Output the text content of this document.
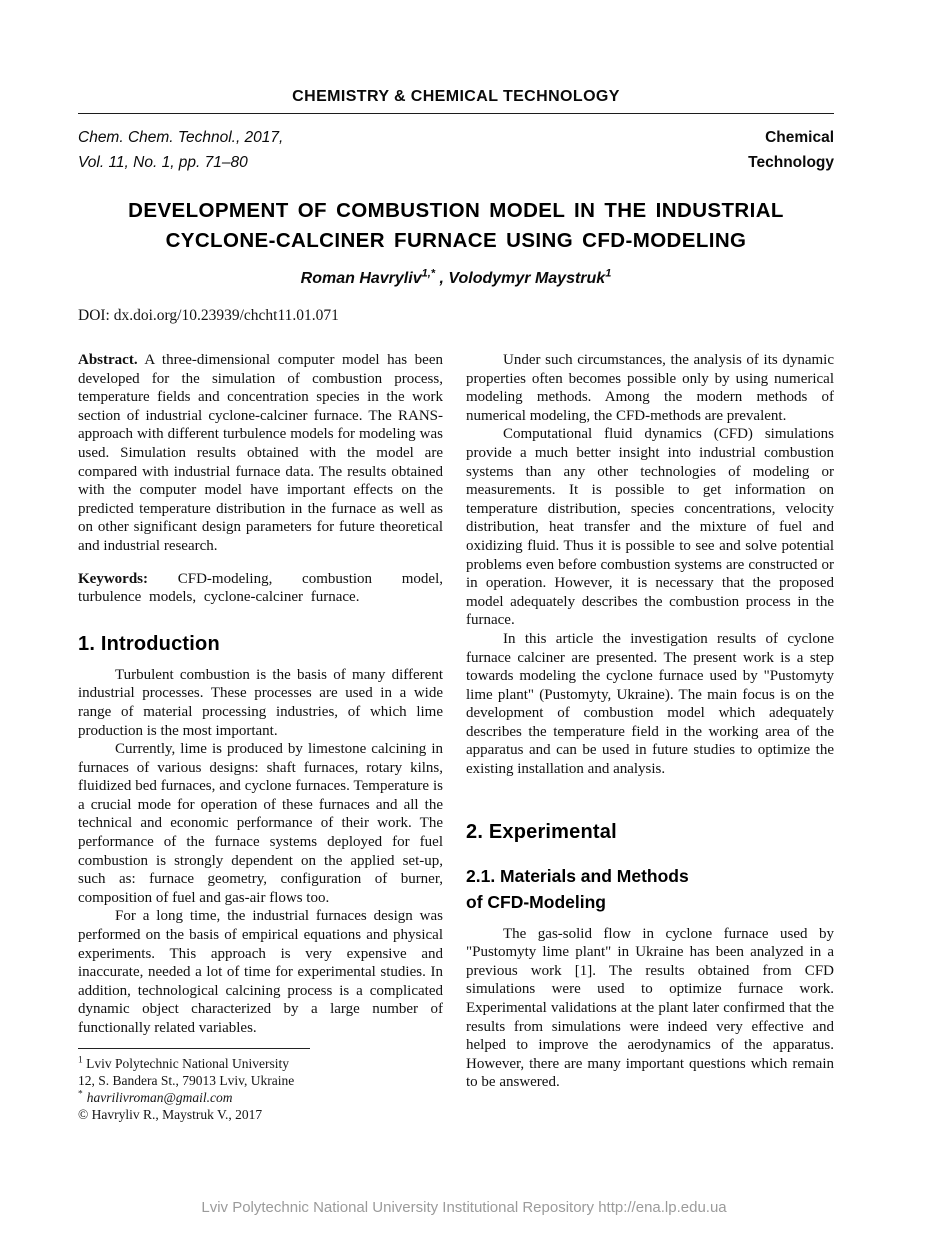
CHEMISTRY & CHEMICAL TECHNOLOGY
Chem. Chem. Technol., 2017,
Vol. 11, No. 1, pp. 71–80
Chemical
Technology
DEVELOPMENT OF COMBUSTION MODEL IN THE INDUSTRIAL
CYCLONE-CALCINER FURNACE USING CFD-MODELING
Roman Havryliv$^{1,*}$ , Volodymyr Maystruk$^1$
DOI: dx.doi.org/10.23939/chcht11.01.071

Abstract. A three-dimensional computer model has been developed for the simulation of combustion process, temperature fields and concentration species in the work section of industrial cyclone-calciner furnace. The RANS-approach with different turbulence models for modeling was used. Simulation results obtained with the model are compared with industrial furnace data. The results obtained with the computer model have important effects on the predicted temperature distribution in the furnace as well as on other significant design parameters for future theoretical and industrial research.

Keywords: CFD-modeling, combustion model, turbulence models, cyclone-calciner furnace.

1. Introduction

Turbulent combustion is the basis of many different industrial processes. These processes are used in a wide range of material processing industries, of which lime production is the most important.

Currently, lime is produced by limestone calcining in furnaces of various designs: shaft furnaces, rotary kilns, fluidized bed furnaces, and cyclone furnaces. Temperature is a crucial mode for operation of these furnaces and all the technical and economic performance of their work. The performance of the furnace systems deployed for fuel combustion is strongly dependent on the applied set-up, such as: furnace geometry, configuration of burner, composition of fuel and gas-air flows too.

For a long time, the industrial furnaces design was performed on the basis of empirical equations and physical experiments. This approach is very expensive and inaccurate, needed a lot of time for experimental studies. In addition, technological calcining process is a complicated dynamic object characterized by a large number of functionally related variables.

$^1$ Lviv Polytechnic National University
12, S. Bandera St., 79013 Lviv, Ukraine
* havrilivroman@gmail.com
© Havryliv R., Maystruk V., 2017

Under such circumstances, the analysis of its dynamic properties often becomes possible only by using numerical modeling methods. Among the modern methods of numerical modeling, the CFD-methods are prevalent.

Computational fluid dynamics (CFD) simulations provide a much better insight into industrial combustion systems than any other technologies of modeling or measurements. It is possible to get information on temperature distribution, species concentrations, velocity distribution, heat transfer and the mixture of fuel and oxidizing fluid. Thus it is possible to see and solve potential problems even before combustion systems are constructed or in operation. However, it is necessary that the proposed model adequately describes the combustion process in the furnace.

In this article the investigation results of cyclone furnace calciner are presented. The present work is a step towards modeling the cyclone furnace used by "Pustomyty lime plant" (Pustomyty, Ukraine). The main focus is on the development of combustion model which adequately describes the temperature field in the working area of the apparatus and can be used in future studies to optimize the existing installation and analysis.

2. Experimental
2.1. Materials and Methods
of CFD-Modeling

The gas-solid flow in cyclone furnace used by "Pustomyty lime plant" in Ukraine has been analyzed in a previous work [1]. The results obtained from CFD simulations were used to optimize furnace work. Experimental validations at the plant later confirmed that the results from simulations were indeed very effective and helped to improve the aerodynamics of the apparatus. However, there are many important questions which remain to be answered.

Lviv Polytechnic National University Institutional Repository http://ena.lp.edu.ua
